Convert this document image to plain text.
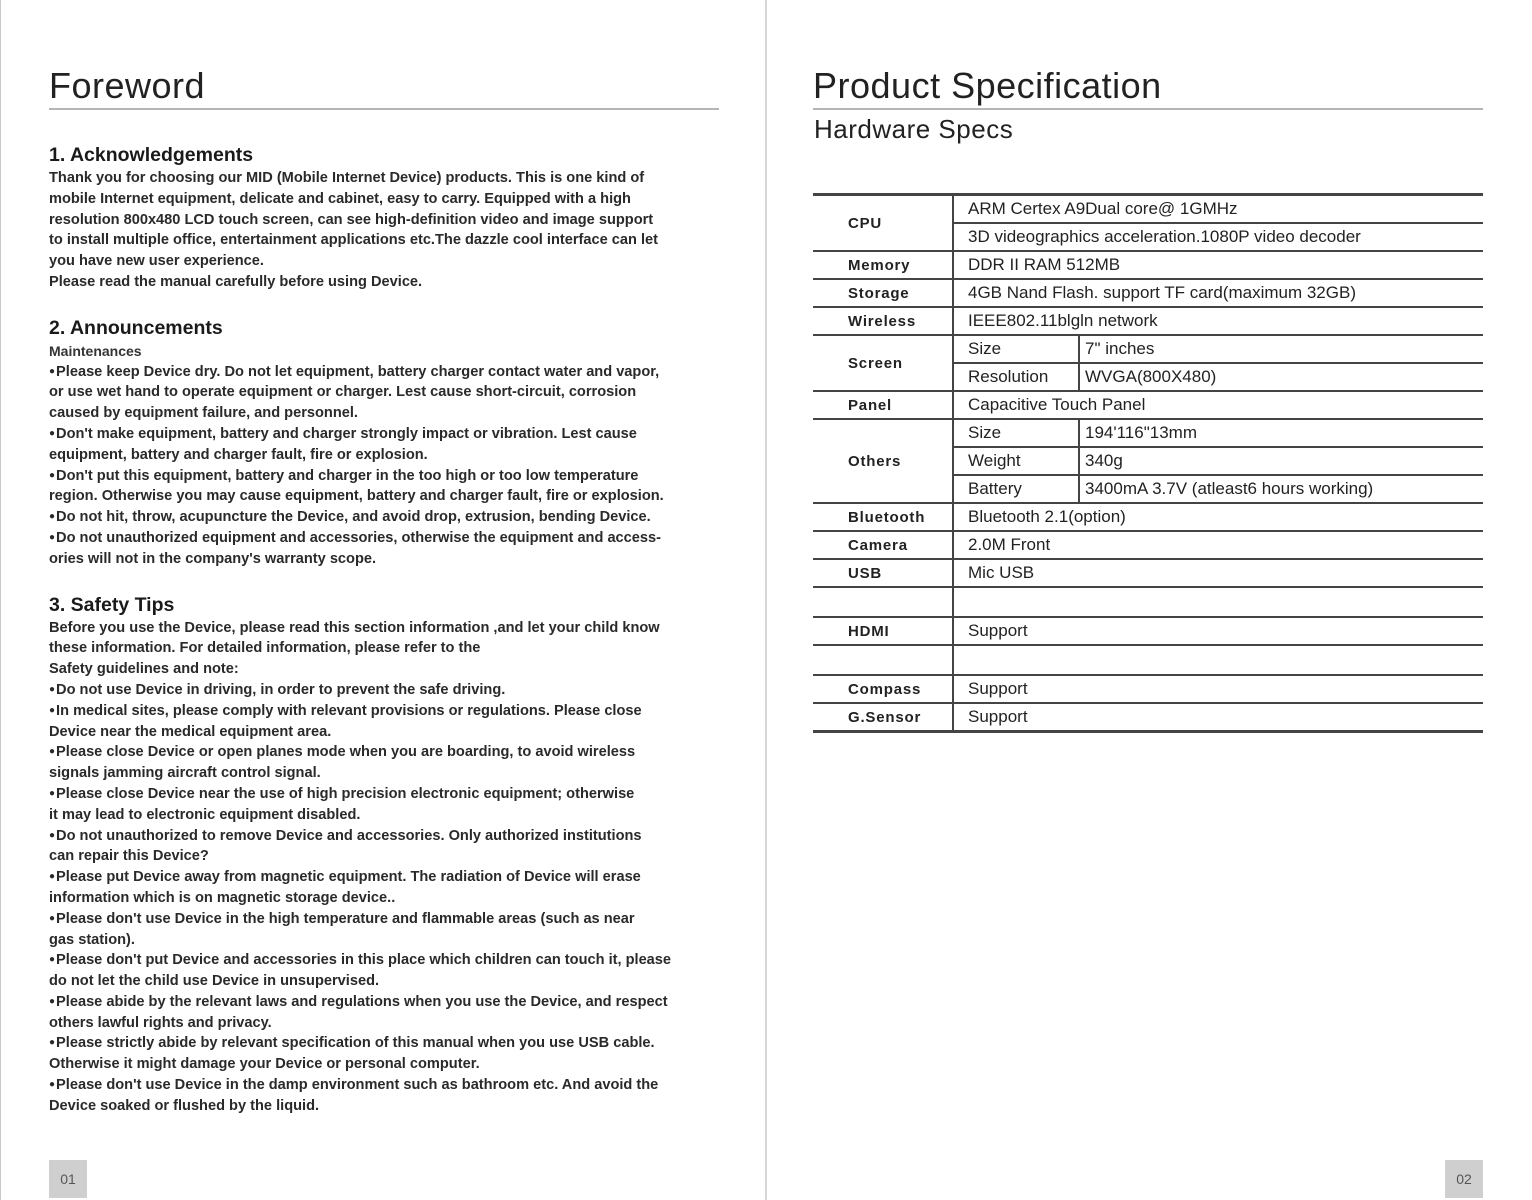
Foreword
1. Acknowledgements

Thank you for choosing our MID (Mobile Internet Device) products. This is one kind of

mobile Internet equipment, delicate and cabinet, easy to carry. Equipped with a high

resolution 800x480 LCD touch screen, can see high-definition video and image support

to install multiple office, entertainment applications etc.The dazzle cool interface can let

you have new user experience.

Please read the manual carefully before using Device.

2. Announcements

Maintenances

● Please keep Device dry. Do not let equipment, battery charger contact water and vapor,

or use wet hand to operate equipment or charger. Lest cause short-circuit, corrosion

caused by equipment failure, and personnel.

● Don't make equipment, battery and charger strongly impact or vibration. Lest cause

equipment, battery and charger fault, fire or explosion.

● Don't put this equipment, battery and charger in the too high or too low temperature

region. Otherwise you may cause equipment, battery and charger fault, fire or explosion.

● Do not hit, throw, acupuncture the Device, and avoid drop, extrusion, bending Device.

● Do not unauthorized equipment and accessories, otherwise the equipment and access-

ories will not in the company's warranty scope.

3. Safety Tips

Before you use the Device, please read this section information ,and let your child know

these information. For detailed information, please refer to the

Safety guidelines and note:

● Do not use Device in driving, in order to prevent the safe driving.

● In medical sites, please comply with relevant provisions or regulations. Please close

Device near the medical equipment area.

● Please close Device or open planes mode when you are boarding, to avoid wireless

signals jamming aircraft control signal.

● Please close Device near the use of high precision electronic equipment; otherwise

it may lead to electronic equipment disabled.

● Do not unauthorized to remove Device and accessories. Only authorized institutions

can repair this Device?

● Please put Device away from magnetic equipment. The radiation of Device will erase

information which is on magnetic storage device..

● Please don't use Device in the high temperature and flammable areas (such as near

gas station).

● Please don't put Device and accessories in this place which children can touch it, please

do not let the child use Device in unsupervised.

● Please abide by the relevant laws and regulations when you use the Device, and respect

others lawful rights and privacy.

● Please strictly abide by relevant specification of this manual when you use USB cable.

Otherwise it might damage your Device or personal computer.

● Please don't use Device in the damp environment such as bathroom etc. And avoid the

Device soaked or flushed by the liquid.

01
Product Specification
Hardware Specs
CPU	ARM Certex A9Dual core@ 1GMHz	
	3D videographics acceleration.1080P video decoder	
Memory	DDR II RAM 512MB	
Storage	4GB Nand Flash. support TF card(maximum 32GB)	
Wireless	IEEE802.11blgln network	
Screen	Size	7" inches
	Resolution	WVGA(800X480)
Panel	Capacitive Touch Panel	
Others	Size	194'116"13mm
	Weight	340g
	Battery	3400mA 3.7V (atleast6 hours working)
Bluetooth	Bluetooth 2.1(option)	
Camera	2.0M Front	
USB	Mic USB	

HDMI	Support	

Compass	Support	
G.Sensor	Support	
02
